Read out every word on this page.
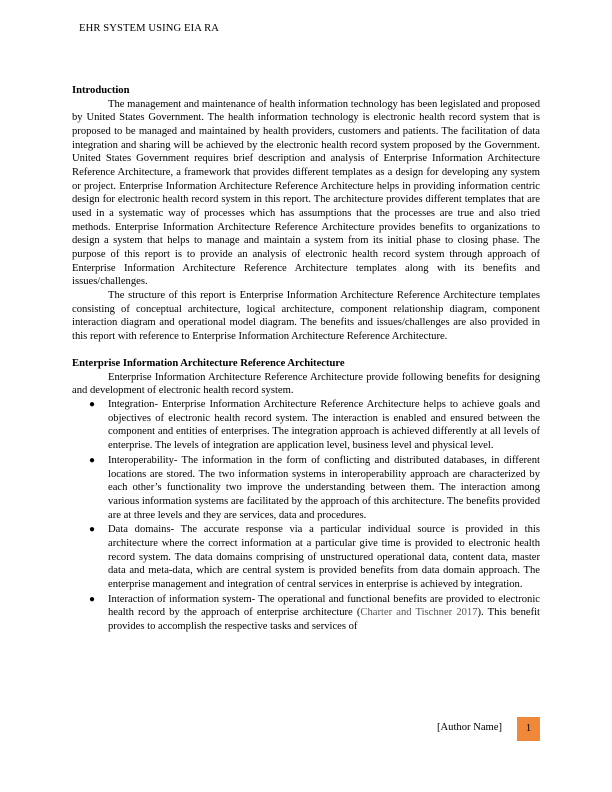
EHR SYSTEM USING EIA RA

Introduction

The management and maintenance of health information technology has been legislated and proposed by United States Government. The health information technology is electronic health record system that is proposed to be managed and maintained by health providers, customers and patients. The facilitation of data integration and sharing will be achieved by the electronic health record system proposed by the Government. United States Government requires brief description and analysis of Enterprise Information Architecture Reference Architecture, a framework that provides different templates as a design for developing any system or project. Enterprise Information Architecture Reference Architecture helps in providing information centric design for electronic health record system in this report. The architecture provides different templates that are used in a systematic way of processes which has assumptions that the processes are true and also tried methods. Enterprise Information Architecture Reference Architecture provides benefits to organizations to design a system that helps to manage and maintain a system from its initial phase to closing phase. The purpose of this report is to provide an analysis of electronic health record system through approach of Enterprise Information Architecture Reference Architecture templates along with its benefits and issues/challenges.

The structure of this report is Enterprise Information Architecture Reference Architecture templates consisting of conceptual architecture, logical architecture, component relationship diagram, component interaction diagram and operational model diagram. The benefits and issues/challenges are also provided in this report with reference to Enterprise Information Architecture Reference Architecture.

Enterprise Information Architecture Reference Architecture

Enterprise Information Architecture Reference Architecture provide following benefits for designing and development of electronic health record system.

● Integration- Enterprise Information Architecture Reference Architecture helps to achieve goals and objectives of electronic health record system. The interaction is enabled and ensured between the component and entities of enterprises. The integration approach is achieved differently at all levels of enterprise. The levels of integration are application level, business level and physical level.
● Interoperability- The information in the form of conflicting and distributed databases, in different locations are stored. The two information systems in interoperability approach are characterized by each other’s functionality two improve the understanding between them. The interaction among various information systems are facilitated by the approach of this architecture. The benefits provided are at three levels and they are services, data and procedures.
● Data domains- The accurate response via a particular individual source is provided in this architecture where the correct information at a particular give time is provided to electronic health record system. The data domains comprising of unstructured operational data, content data, master data and meta-data, which are central system is provided benefits from data domain approach. The enterprise management and integration of central services in enterprise is achieved by integration.
● Interaction of information system- The operational and functional benefits are provided to electronic health record by the approach of enterprise architecture (Charter and Tischner 2017). This benefit provides to accomplish the respective tasks and services of
[Author Name]	1
